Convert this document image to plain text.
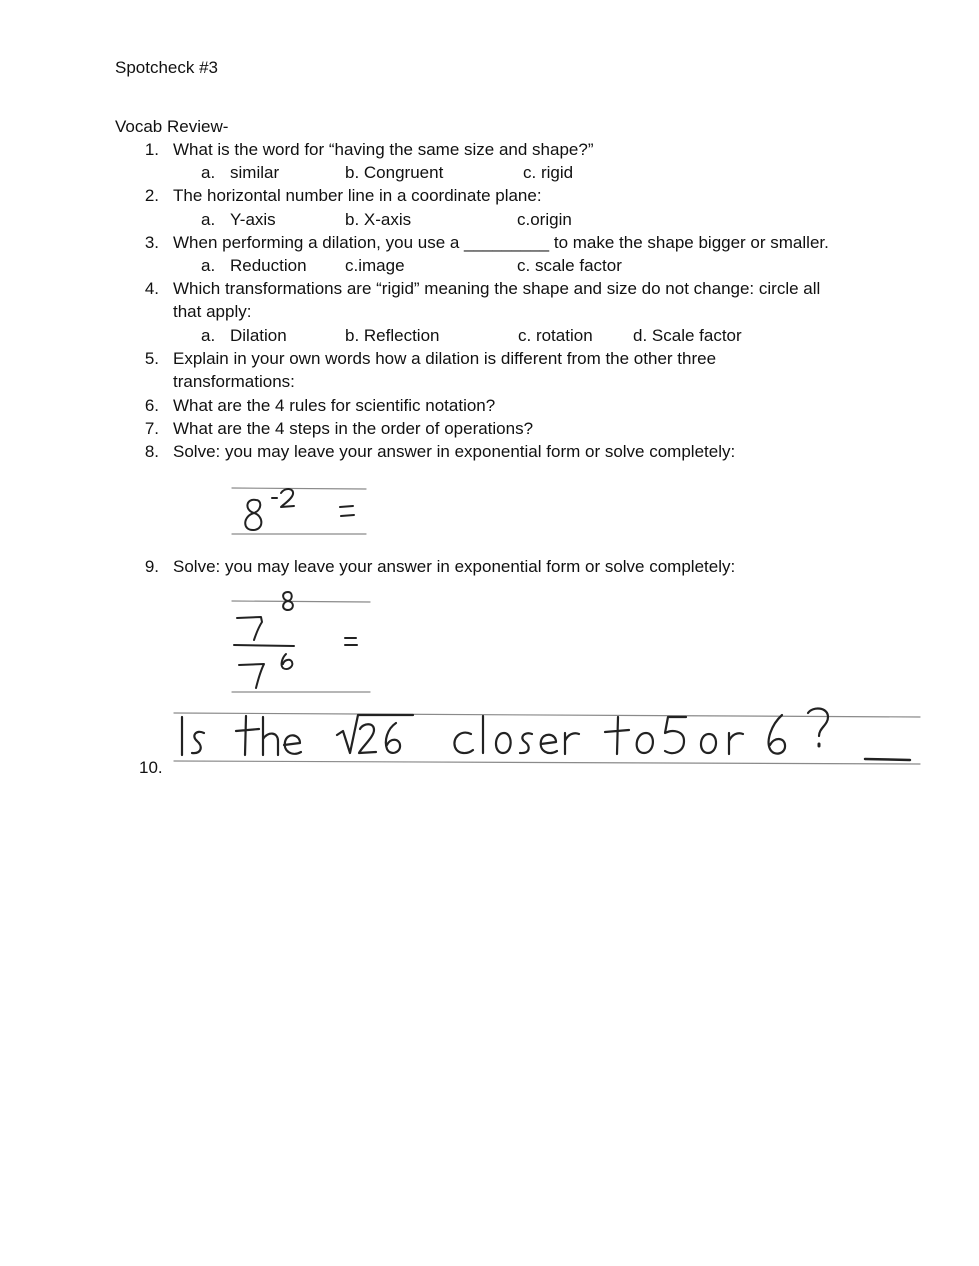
Spotcheck #3
Vocab Review-
1. What is the word for “having the same size and shape?”
a. similar	b. Congruent	c. rigid
2. The horizontal number line in a coordinate plane:
a. Y-axis	b. X-axis	c.origin
3. When performing a dilation, you use a _________ to make the shape bigger or smaller.
a. Reduction c.image	c. scale factor
4. Which transformations are “rigid” meaning the shape and size do not change: circle all
that apply:
a. Dilation	b. Reflection	c. rotation d. Scale factor
5. Explain in your own words how a dilation is different from the other three
transformations:
6. What are the 4 rules for scientific notation?
7. What are the 4 steps in the order of operations?
8. Solve: you may leave your answer in exponential form or solve completely:
9. Solve: you may leave your answer in exponential form or solve completely:
10.
